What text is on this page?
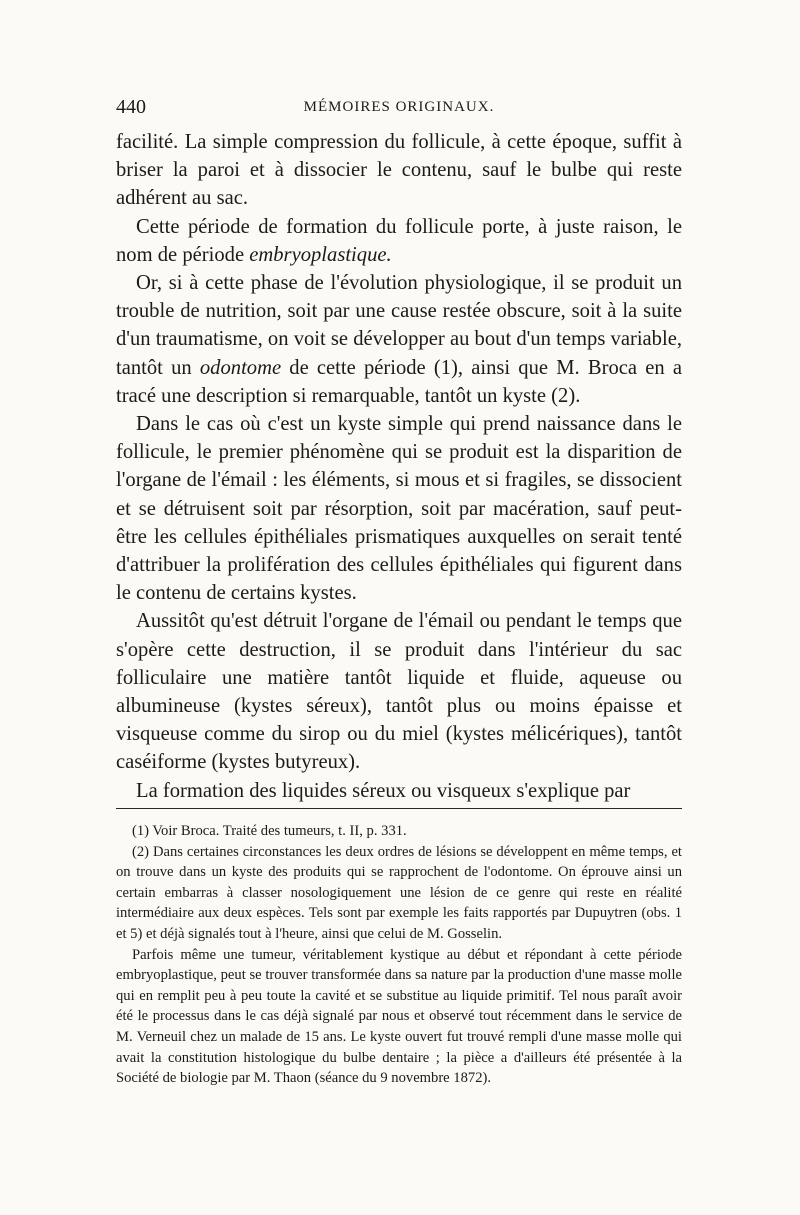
440	MÉMOIRES ORIGINAUX.

facilité. La simple compression du follicule, à cette époque, suffit à briser la paroi et à dissocier le contenu, sauf le bulbe qui reste adhérent au sac.

Cette période de formation du follicule porte, à juste raison, le nom de période embryoplastique.

Or, si à cette phase de l'évolution physiologique, il se produit un trouble de nutrition, soit par une cause restée obscure, soit à la suite d'un traumatisme, on voit se développer au bout d'un temps variable, tantôt un odontome de cette période (1), ainsi que M. Broca en a tracé une description si remarquable, tantôt un kyste (2).

Dans le cas où c'est un kyste simple qui prend naissance dans le follicule, le premier phénomène qui se produit est la disparition de l'organe de l'émail : les éléments, si mous et si fragiles, se dissocient et se détruisent soit par résorption, soit par macération, sauf peut-être les cellules épithéliales prismatiques auxquelles on serait tenté d'attribuer la prolifération des cellules épithéliales qui figurent dans le contenu de certains kystes.

Aussitôt qu'est détruit l'organe de l'émail ou pendant le temps que s'opère cette destruction, il se produit dans l'intérieur du sac folliculaire une matière tantôt liquide et fluide, aqueuse ou albumineuse (kystes séreux), tantôt plus ou moins épaisse et visqueuse comme du sirop ou du miel (kystes mélicériques), tantôt caséiforme (kystes butyreux).

La formation des liquides séreux ou visqueux s'explique par

(1) Voir Broca. Traité des tumeurs, t. II, p. 331.

(2) Dans certaines circonstances les deux ordres de lésions se développent en même temps, et on trouve dans un kyste des produits qui se rapprochent de l'odontome. On éprouve ainsi un certain embarras à classer nosologiquement une lésion de ce genre qui reste en réalité intermédiaire aux deux espèces. Tels sont par exemple les faits rapportés par Dupuytren (obs. 1 et 5) et déjà signalés tout à l'heure, ainsi que celui de M. Gosselin.

Parfois même une tumeur, véritablement kystique au début et répondant à cette période embryoplastique, peut se trouver transformée dans sa nature par la production d'une masse molle qui en remplit peu à peu toute la cavité et se substitue au liquide primitif. Tel nous paraît avoir été le processus dans le cas déjà signalé par nous et observé tout récemment dans le service de M. Verneuil chez un malade de 15 ans. Le kyste ouvert fut trouvé rempli d'une masse molle qui avait la constitution histologique du bulbe dentaire ; la pièce a d'ailleurs été présentée à la Société de biologie par M. Thaon (séance du 9 novembre 1872).
